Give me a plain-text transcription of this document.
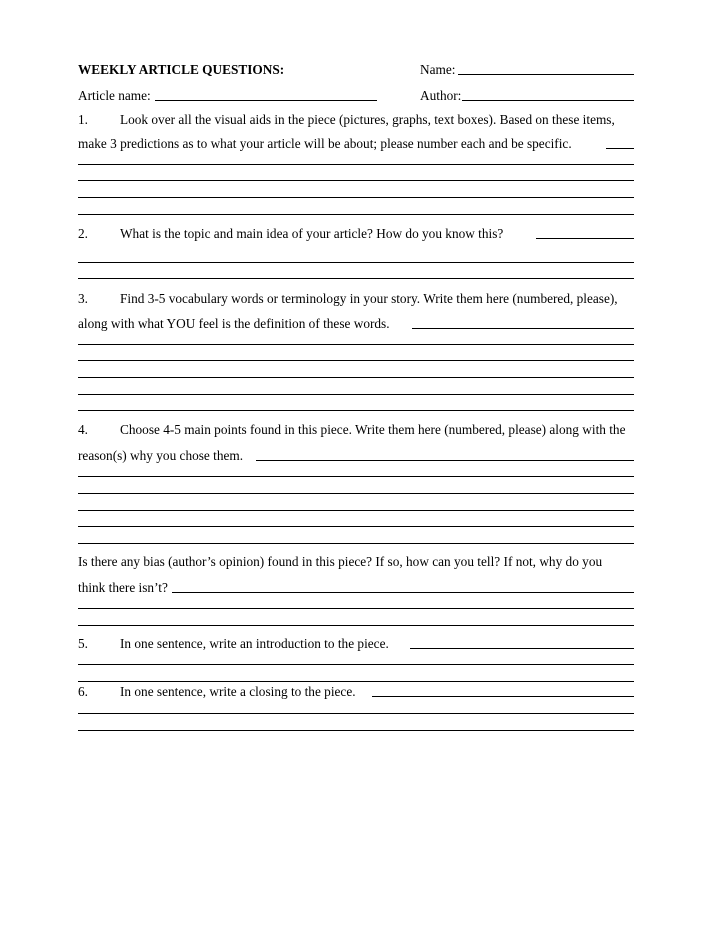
WEEKLY ARTICLE QUESTIONS:	Name:
Article name:	Author:
1. Look over all the visual aids in the piece (pictures, graphs, text boxes). Based on these items,
make 3 predictions as to what your article will be about; please number each and be specific.
2. What is the topic and main idea of your article? How do you know this?
3. Find 3-5 vocabulary words or terminology in your story. Write them here (numbered, please),
along with what YOU feel is the definition of these words.
4. Choose 4-5 main points found in this piece. Write them here (numbered, please) along with the
reason(s) why you chose them.
Is there any bias (author’s opinion) found in this piece? If so, how can you tell? If not, why do you
think there isn’t?
5. In one sentence, write an introduction to the piece.
6. In one sentence, write a closing to the piece.
